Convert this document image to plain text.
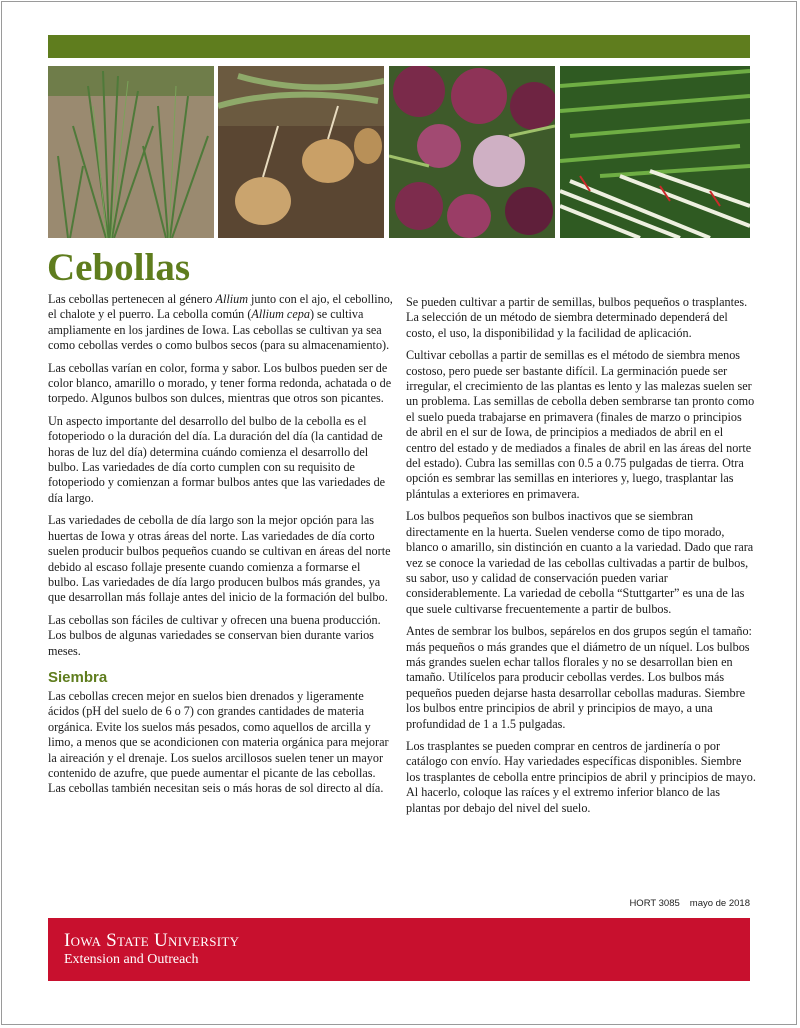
Cebollas

Las cebollas pertenecen al género Allium junto con el ajo, el cebollino, el chalote y el puerro. La cebolla común (Allium cepa) se cultiva ampliamente en los jardines de Iowa. Las cebollas se cultivan ya sea como cebollas verdes o como bulbos secos (para su almacenamiento).

Las cebollas varían en color, forma y sabor. Los bulbos pueden ser de color blanco, amarillo o morado, y tener forma redonda, achatada o de torpedo. Algunos bulbos son dulces, mientras que otros son picantes.

Un aspecto importante del desarrollo del bulbo de la cebolla es el fotoperiodo o la duración del día. La duración del día (la cantidad de horas de luz del día) determina cuándo comienza el desarrollo del bulbo. Las variedades de día corto cumplen con su requisito de fotoperiodo y comienzan a formar bulbos antes que las variedades de día largo.

Las variedades de cebolla de día largo son la mejor opción para las huertas de Iowa y otras áreas del norte. Las variedades de día corto suelen producir bulbos pequeños cuando se cultivan en áreas del norte debido al escaso follaje presente cuando comienza a formarse el bulbo. Las variedades de día largo producen bulbos más grandes, ya que desarrollan más follaje antes del inicio de la formación del bulbo.

Las cebollas son fáciles de cultivar y ofrecen una buena producción. Los bulbos de algunas variedades se conservan bien durante varios meses.

Siembra

Las cebollas crecen mejor en suelos bien drenados y ligeramente ácidos (pH del suelo de 6 o 7) con grandes cantidades de materia orgánica. Evite los suelos más pesados, como aquellos de arcilla y limo, a menos que se acondicionen con materia orgánica para mejorar la aireación y el drenaje. Los suelos arcillosos suelen tener un mayor contenido de azufre, que puede aumentar el picante de las cebollas. Las cebollas también necesitan seis o más horas de sol directo al día.

Se pueden cultivar a partir de semillas, bulbos pequeños o trasplantes. La selección de un método de siembra determinado dependerá del costo, el uso, la disponibilidad y la facilidad de aplicación.

Cultivar cebollas a partir de semillas es el método de siembra menos costoso, pero puede ser bastante difícil. La germinación puede ser irregular, el crecimiento de las plantas es lento y las malezas suelen ser un problema. Las semillas de cebolla deben sembrarse tan pronto como el suelo pueda trabajarse en primavera (finales de marzo o principios de abril en el sur de Iowa, de principios a mediados de abril en el centro del estado y de mediados a finales de abril en las áreas del norte del estado). Cubra las semillas con 0.5 a 0.75 pulgadas de tierra. Otra opción es sembrar las semillas en interiores y, luego, trasplantar las plántulas a exteriores en primavera.

Los bulbos pequeños son bulbos inactivos que se siembran directamente en la huerta. Suelen venderse como de tipo morado, blanco o amarillo, sin distinción en cuanto a la variedad. Dado que rara vez se conoce la variedad de las cebollas cultivadas a partir de bulbos, su sabor, uso y calidad de conservación pueden variar considerablemente. La variedad de cebolla “Stuttgarter” es una de las que suele cultivarse frecuentemente a partir de bulbos.

Antes de sembrar los bulbos, sepárelos en dos grupos según el tamaño: más pequeños o más grandes que el diámetro de un níquel. Los bulbos más grandes suelen echar tallos florales y no se desarrollan bien en tamaño. Utilícelos para producir cebollas verdes. Los bulbos más pequeños pueden dejarse hasta desarrollar cebollas maduras. Siembre los bulbos entre principios de abril y principios de mayo, a una profundidad de 1 a 1.5 pulgadas.

Los trasplantes se pueden comprar en centros de jardinería o por catálogo con envío. Hay variedades específicas disponibles. Siembre los trasplantes de cebolla entre principios de abril y principios de mayo. Al hacerlo, coloque las raíces y el extremo inferior blanco de las plantas por debajo del nivel del suelo.

HORT 3085 mayo de 2018
Iowa State University
Extension and Outreach
